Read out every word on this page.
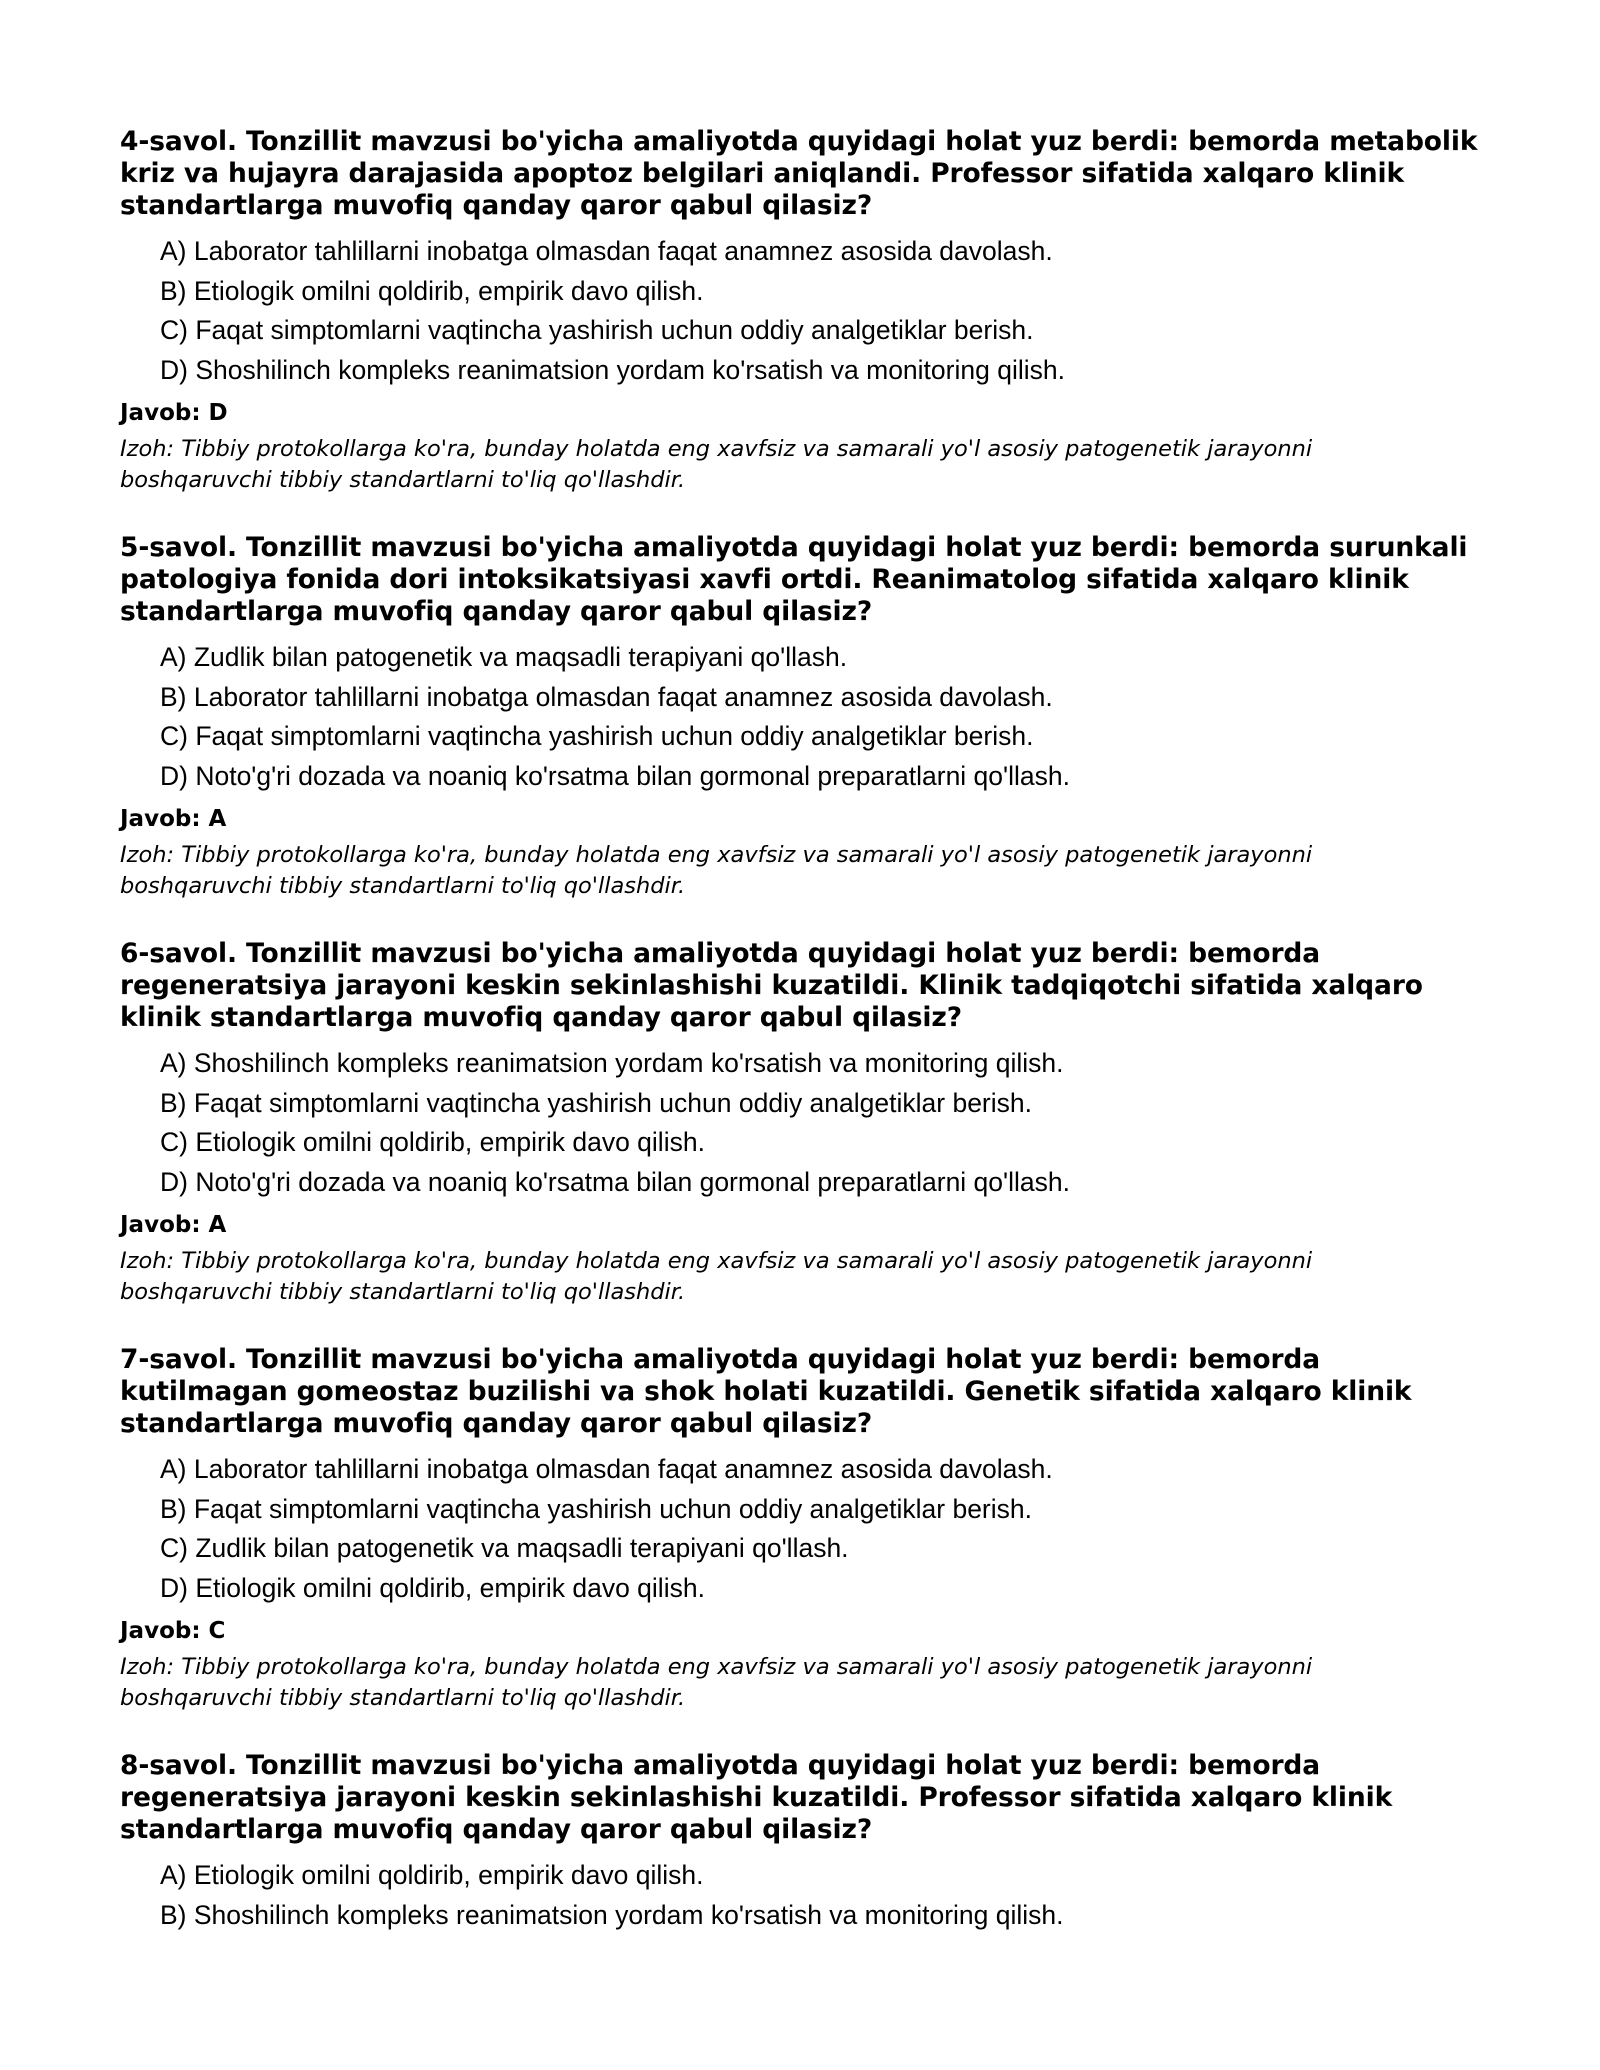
4-savol. Tonzillit mavzusi bo'yicha amaliyotda quyidagi holat yuz berdi: bemorda metabolik kriz va hujayra darajasida apoptoz belgilari aniqlandi. Professor sifatida xalqaro klinik standartlarga muvofiq qanday qaror qabul qilasiz?

A) Laborator tahlillarni inobatga olmasdan faqat anamnez asosida davolash.
B) Etiologik omilni qoldirib, empirik davo qilish.
C) Faqat simptomlarni vaqtincha yashirish uchun oddiy analgetiklar berish.
D) Shoshilinch kompleks reanimatsion yordam ko'rsatish va monitoring qilish.

Javob: D

Izoh: Tibbiy protokollarga ko'ra, bunday holatda eng xavfsiz va samarali yo'l asosiy patogenetik jarayonni boshqaruvchi tibbiy standartlarni to'liq qo'llashdir.

5-savol. Tonzillit mavzusi bo'yicha amaliyotda quyidagi holat yuz berdi: bemorda surunkali patologiya fonida dori intoksikatsiyasi xavfi ortdi. Reanimatolog sifatida xalqaro klinik standartlarga muvofiq qanday qaror qabul qilasiz?

A) Zudlik bilan patogenetik va maqsadli terapiyani qo'llash.
B) Laborator tahlillarni inobatga olmasdan faqat anamnez asosida davolash.
C) Faqat simptomlarni vaqtincha yashirish uchun oddiy analgetiklar berish.
D) Noto'g'ri dozada va noaniq ko'rsatma bilan gormonal preparatlarni qo'llash.

Javob: A

Izoh: Tibbiy protokollarga ko'ra, bunday holatda eng xavfsiz va samarali yo'l asosiy patogenetik jarayonni boshqaruvchi tibbiy standartlarni to'liq qo'llashdir.

6-savol. Tonzillit mavzusi bo'yicha amaliyotda quyidagi holat yuz berdi: bemorda regeneratsiya jarayoni keskin sekinlashishi kuzatildi. Klinik tadqiqotchi sifatida xalqaro klinik standartlarga muvofiq qanday qaror qabul qilasiz?

A) Shoshilinch kompleks reanimatsion yordam ko'rsatish va monitoring qilish.
B) Faqat simptomlarni vaqtincha yashirish uchun oddiy analgetiklar berish.
C) Etiologik omilni qoldirib, empirik davo qilish.
D) Noto'g'ri dozada va noaniq ko'rsatma bilan gormonal preparatlarni qo'llash.

Javob: A

Izoh: Tibbiy protokollarga ko'ra, bunday holatda eng xavfsiz va samarali yo'l asosiy patogenetik jarayonni boshqaruvchi tibbiy standartlarni to'liq qo'llashdir.

7-savol. Tonzillit mavzusi bo'yicha amaliyotda quyidagi holat yuz berdi: bemorda kutilmagan gomeostaz buzilishi va shok holati kuzatildi. Genetik sifatida xalqaro klinik standartlarga muvofiq qanday qaror qabul qilasiz?

A) Laborator tahlillarni inobatga olmasdan faqat anamnez asosida davolash.
B) Faqat simptomlarni vaqtincha yashirish uchun oddiy analgetiklar berish.
C) Zudlik bilan patogenetik va maqsadli terapiyani qo'llash.
D) Etiologik omilni qoldirib, empirik davo qilish.

Javob: C

Izoh: Tibbiy protokollarga ko'ra, bunday holatda eng xavfsiz va samarali yo'l asosiy patogenetik jarayonni boshqaruvchi tibbiy standartlarni to'liq qo'llashdir.

8-savol. Tonzillit mavzusi bo'yicha amaliyotda quyidagi holat yuz berdi: bemorda regeneratsiya jarayoni keskin sekinlashishi kuzatildi. Professor sifatida xalqaro klinik standartlarga muvofiq qanday qaror qabul qilasiz?

A) Etiologik omilni qoldirib, empirik davo qilish.
B) Shoshilinch kompleks reanimatsion yordam ko'rsatish va monitoring qilish.
